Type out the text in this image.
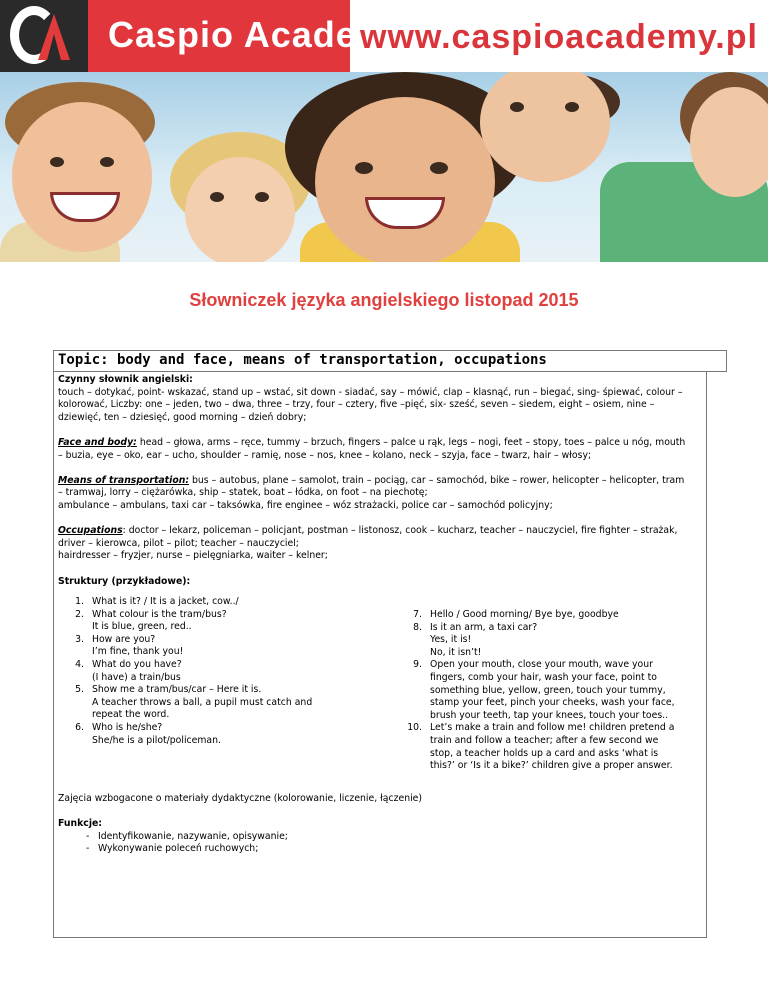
Caspio Academy
www.caspioacademy.pl
Słowniczek języka angielskiego listopad 2015
Topic: body and face, means of transportation, occupations

Czynny słownik angielski:

touch – dotykać, point- wskazać, stand up – wstać, sit down - siadać, say – mówić, clap – klasnąć, run – biegać, sing- śpiewać, colour –

kolorować, Liczby: one – jeden, two – dwa, three – trzy, four – cztery, five –pięć, six- sześć, seven – siedem, eight – osiem, nine –

dziewięć, ten – dziesięć, good morning – dzień dobry;

Face and body: head – głowa, arms – ręce, tummy – brzuch, fingers – palce u rąk, legs – nogi, feet – stopy, toes – palce u nóg, mouth

– buzia, eye – oko, ear – ucho, shoulder – ramię, nose – nos, knee – kolano, neck – szyja, face – twarz, hair – włosy;

Means of transportation: bus – autobus, plane – samolot, train – pociąg, car – samochód, bike – rower, helicopter – helicopter, tram

– tramwaj, lorry – ciężarówka, ship – statek, boat – łódka, on foot – na piechotę;

ambulance – ambulans, taxi car – taksówka, fire enginee – wóz strażacki, police car – samochód policyjny;

Occupations: doctor – lekarz, policeman – policjant, postman – listonosz, cook – kucharz, teacher – nauczyciel, fire fighter – strażak,

driver – kierowca, pilot – pilot; teacher – nauczyciel;

hairdresser – fryzjer, nurse – pielęgniarka, waiter – kelner;

Struktury (przykładowe):

1. What is it? / It is a jacket, cow../
2. What colour is the tram/bus?
It is blue, green, red..
3. How are you?
I’m fine, thank you!
4. What do you have?
(I have) a train/bus
5. Show me a tram/bus/car – Here it is.
A teacher throws a ball, a pupil must catch and
repeat the word.
6. Who is he/she?
She/he is a pilot/policeman.
7. Hello / Good morning/ Bye bye, goodbye
8. Is it an arm, a taxi car?
Yes, it is!
No, it isn’t!
9. Open your mouth, close your mouth, wave your
fingers, comb your hair, wash your face, point to
something blue, yellow, green, touch your tummy,
stamp your feet, pinch your cheeks, wash your face,
brush your teeth, tap your knees, touch your toes..
10. Let’s make a train and follow me! children pretend a
train and follow a teacher; after a few second we
stop, a teacher holds up a card and asks ‘what is
this?’ or ‘Is it a bike?’ children give a proper answer.
Zajęcia wzbogacone o materiały dydaktyczne (kolorowanie, liczenie, łączenie)

Funkcje:

- Identyfikowanie, nazywanie, opisywanie;
- Wykonywanie poleceń ruchowych;
